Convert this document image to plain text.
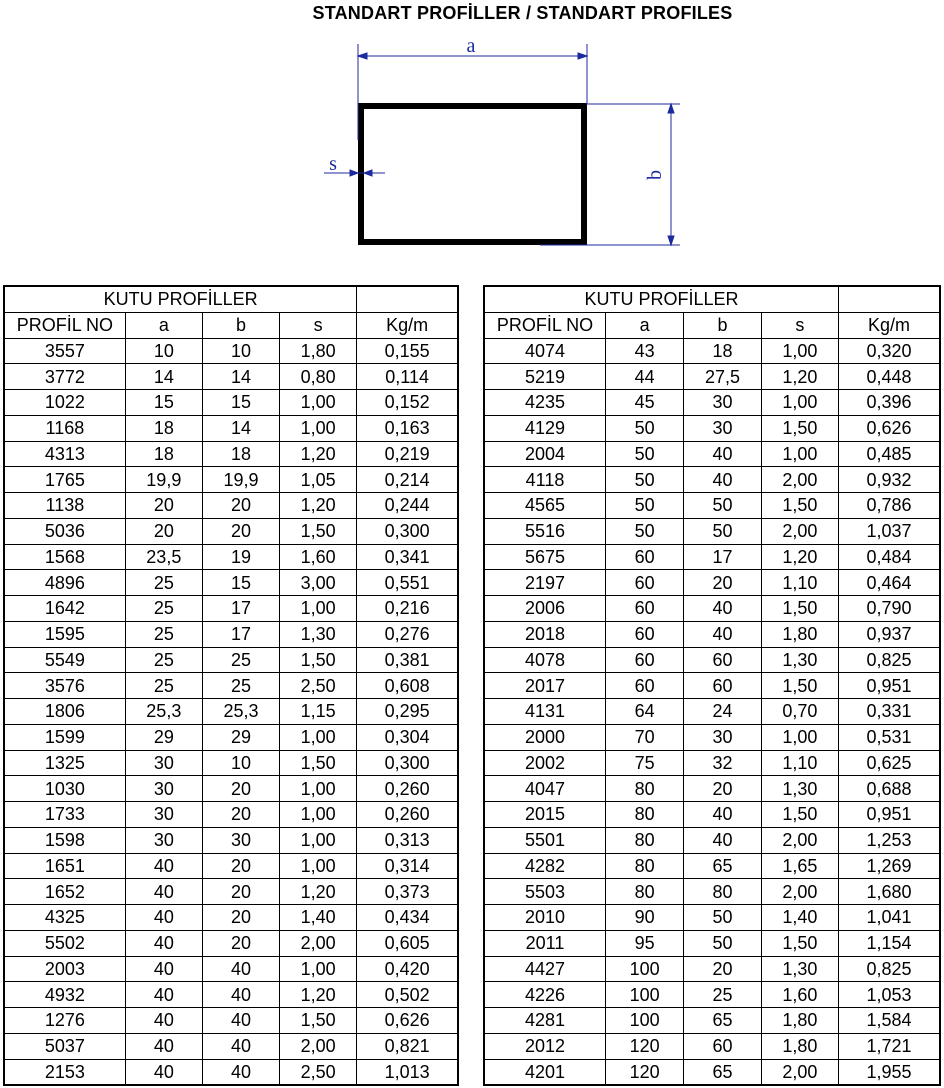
STANDART PROFİLLER / STANDART PROFILES
a
b
s
KUTU PROFİLLER				
PROFİL NO	a	b	s	Kg/m
3557	10	10	1,80	0,155
3772	14	14	0,80	0,114
1022	15	15	1,00	0,152
1168	18	14	1,00	0,163
4313	18	18	1,20	0,219
1765	19,9	19,9	1,05	0,214
1138	20	20	1,20	0,244
5036	20	20	1,50	0,300
1568	23,5	19	1,60	0,341
4896	25	15	3,00	0,551
1642	25	17	1,00	0,216
1595	25	17	1,30	0,276
5549	25	25	1,50	0,381
3576	25	25	2,50	0,608
1806	25,3	25,3	1,15	0,295
1599	29	29	1,00	0,304
1325	30	10	1,50	0,300
1030	30	20	1,00	0,260
1733	30	20	1,00	0,260
1598	30	30	1,00	0,313
1651	40	20	1,00	0,314
1652	40	20	1,20	0,373
4325	40	20	1,40	0,434
5502	40	20	2,00	0,605
2003	40	40	1,00	0,420
4932	40	40	1,20	0,502
1276	40	40	1,50	0,626
5037	40	40	2,00	0,821
2153	40	40	2,50	1,013
KUTU PROFİLLER				
PROFİL NO	a	b	s	Kg/m
4074	43	18	1,00	0,320
5219	44	27,5	1,20	0,448
4235	45	30	1,00	0,396
4129	50	30	1,50	0,626
2004	50	40	1,00	0,485
4118	50	40	2,00	0,932
4565	50	50	1,50	0,786
5516	50	50	2,00	1,037
5675	60	17	1,20	0,484
2197	60	20	1,10	0,464
2006	60	40	1,50	0,790
2018	60	40	1,80	0,937
4078	60	60	1,30	0,825
2017	60	60	1,50	0,951
4131	64	24	0,70	0,331
2000	70	30	1,00	0,531
2002	75	32	1,10	0,625
4047	80	20	1,30	0,688
2015	80	40	1,50	0,951
5501	80	40	2,00	1,253
4282	80	65	1,65	1,269
5503	80	80	2,00	1,680
2010	90	50	1,40	1,041
2011	95	50	1,50	1,154
4427	100	20	1,30	0,825
4226	100	25	1,60	1,053
4281	100	65	1,80	1,584
2012	120	60	1,80	1,721
4201	120	65	2,00	1,955
